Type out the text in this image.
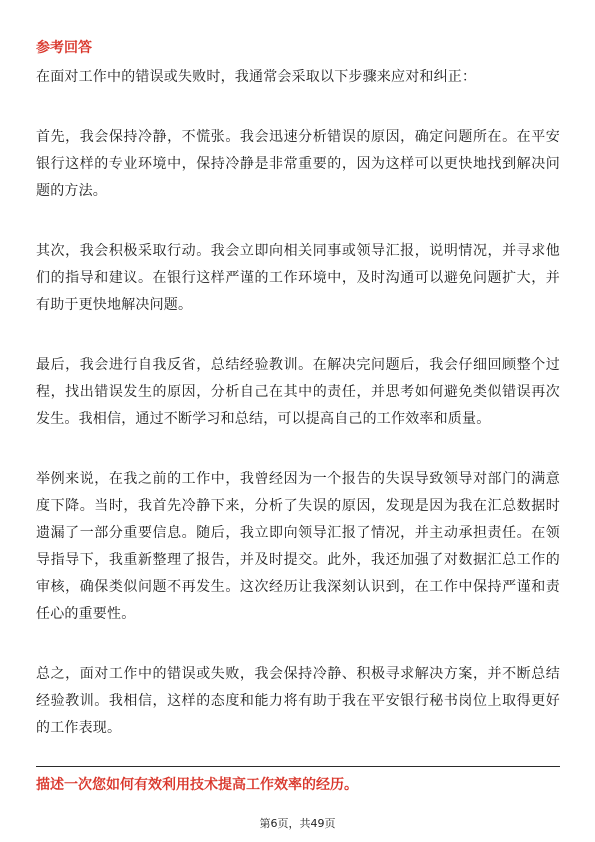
参考回答

在面对工作中的错误或失败时，我通常会采取以下步骤来应对和纠正：

首先，我会保持冷静，不慌张。我会迅速分析错误的原因，确定问题所在。在平安银行这样的专业环境中，保持冷静是非常重要的，因为这样可以更快地找到解决问题的方法。

其次，我会积极采取行动。我会立即向相关同事或领导汇报，说明情况，并寻求他们的指导和建议。在银行这样严谨的工作环境中，及时沟通可以避免问题扩大，并有助于更快地解决问题。

最后，我会进行自我反省，总结经验教训。在解决完问题后，我会仔细回顾整个过程，找出错误发生的原因，分析自己在其中的责任，并思考如何避免类似错误再次发生。我相信，通过不断学习和总结，可以提高自己的工作效率和质量。

举例来说，在我之前的工作中，我曾经因为一个报告的失误导致领导对部门的满意度下降。当时，我首先冷静下来，分析了失误的原因，发现是因为我在汇总数据时遗漏了一部分重要信息。随后，我立即向领导汇报了情况，并主动承担责任。在领导指导下，我重新整理了报告，并及时提交。此外，我还加强了对数据汇总工作的审核，确保类似问题不再发生。这次经历让我深刻认识到，在工作中保持严谨和责任心的重要性。

总之，面对工作中的错误或失败，我会保持冷静、积极寻求解决方案，并不断总结经验教训。我相信，这样的态度和能力将有助于我在平安银行秘书岗位上取得更好的工作表现。

描述一次您如何有效利用技术提高工作效率的经历。
第6页，共49页
